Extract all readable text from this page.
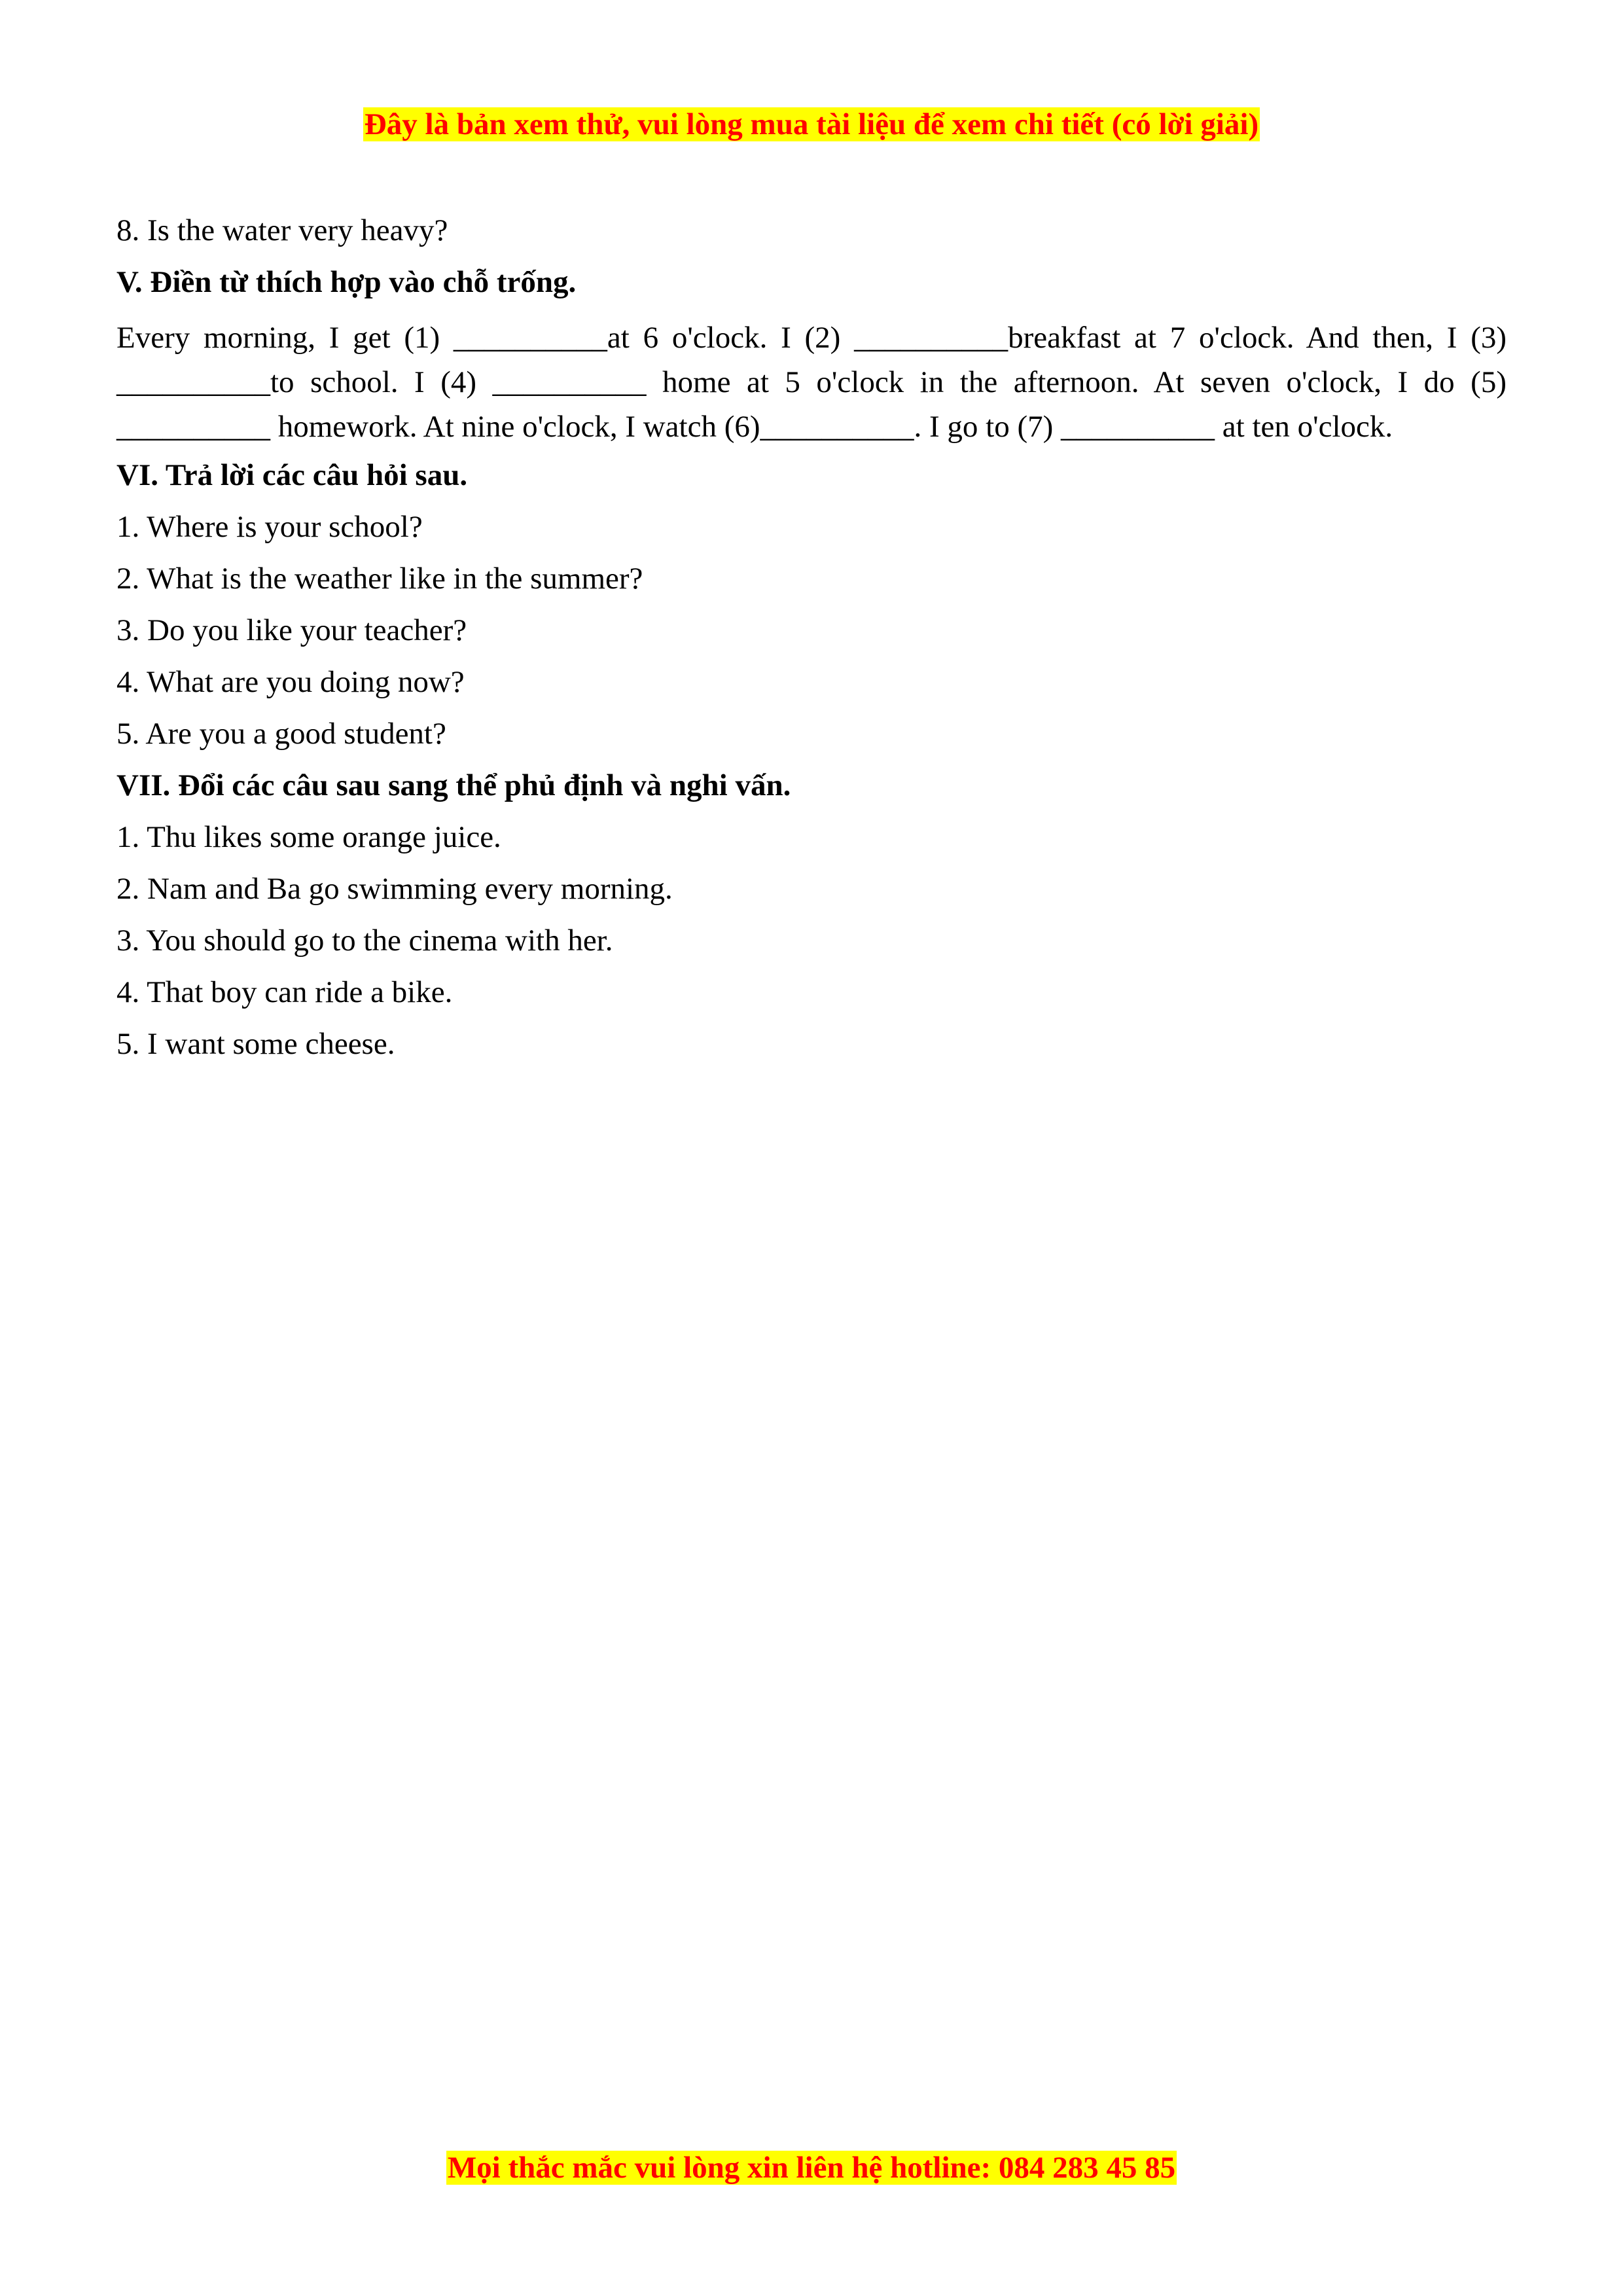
Đây là bản xem thử, vui lòng mua tài liệu để xem chi tiết (có lời giải)
8. Is the water very heavy?
V. Điền từ thích hợp vào chỗ trống.
Every morning, I get (1) __________at 6 o'clock. I (2) __________breakfast at 7 o'clock. And then, I (3) __________to school. I (4) __________ home at 5 o'clock in the afternoon. At seven o'clock, I do (5) __________ homework. At nine o'clock, I watch (6)__________. I go to (7) __________ at ten o'clock.
VI. Trả lời các câu hỏi sau.
1. Where is your school?
2. What is the weather like in the summer?
3. Do you like your teacher?
4. What are you doing now?
5. Are you a good student?
VII. Đổi các câu sau sang thể phủ định và nghi vấn.
1. Thu likes some orange juice.
2. Nam and Ba go swimming every morning.
3. You should go to the cinema with her.
4. That boy can ride a bike.
5. I want some cheese.
Mọi thắc mắc vui lòng xin liên hệ hotline: 084 283 45 85
